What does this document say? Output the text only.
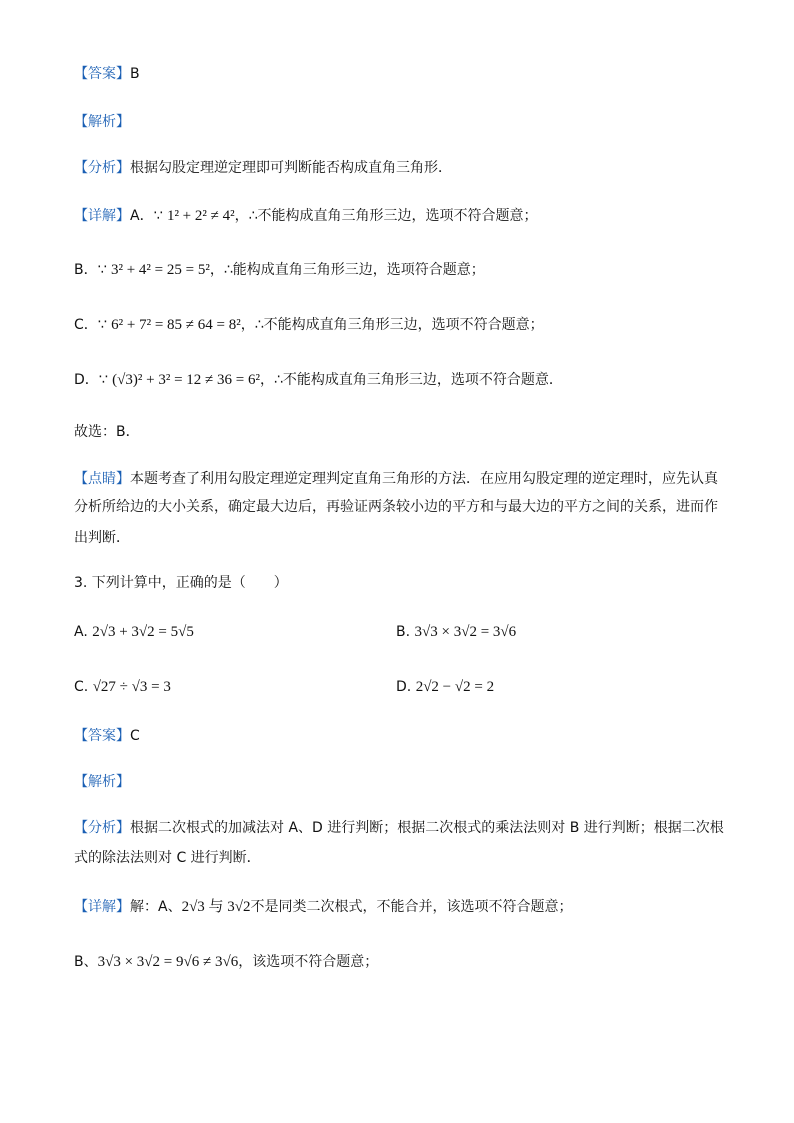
【答案】B
【解析】
【分析】根据勾股定理逆定理即可判断能否构成直角三角形．
【详解】A．∵ 1² + 2² ≠ 4²，∴不能构成直角三角形三边，选项不符合题意；
B．∵ 3² + 4² = 25 = 5²，∴能构成直角三角形三边，选项符合题意；
C．∵ 6² + 7² = 85 ≠ 64 = 8²，∴不能构成直角三角形三边，选项不符合题意；
D．∵ (√3)² + 3² = 12 ≠ 36 = 6²，∴不能构成直角三角形三边，选项不符合题意．
故选：B．
【点睛】本题考查了利用勾股定理逆定理判定直角三角形的方法．在应用勾股定理的逆定理时，应先认真
分析所给边的大小关系，确定最大边后，再验证两条较小边的平方和与最大边的平方之间的关系，进而作
出判断．
3. 下列计算中，正确的是（　　）
A. 2√3 + 3√2 = 5√5	B. 3√3 × 3√2 = 3√6
C. √27 ÷ √3 = 3	D. 2√2 − √2 = 2
【答案】C
【解析】
【分析】根据二次根式的加减法对 A、D 进行判断；根据二次根式的乘法法则对 B 进行判断；根据二次根
式的除法法则对 C 进行判断．
【详解】解：A、2√3 与 3√2不是同类二次根式，不能合并，该选项不符合题意；
B、3√3 × 3√2 = 9√6 ≠ 3√6，该选项不符合题意；
